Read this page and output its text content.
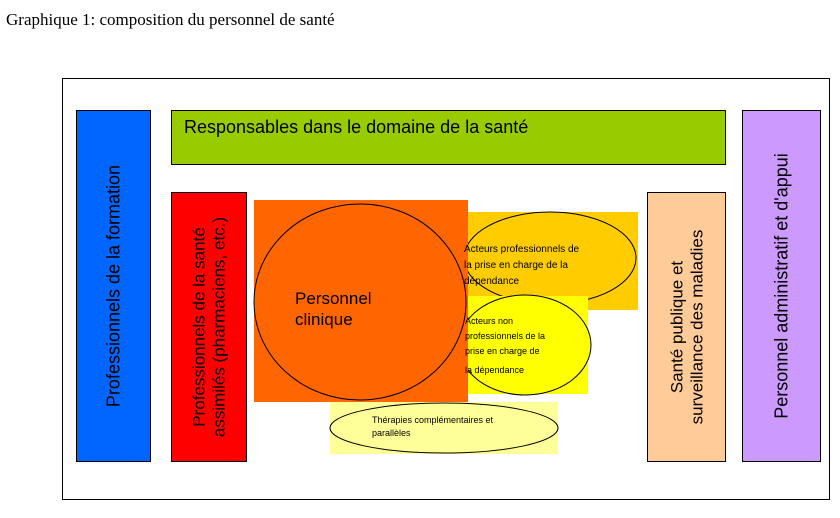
Graphique 1: composition du personnel de santé
Professionnels de la formation
Responsables dans le domaine de la santé
Professionnels de la santé assimilés (pharmaciens, etc.)	Santé publique et surveillance des maladies	Personnel administratif et d'appui
Personnel
clinique
Acteurs professionnels de
la prise en charge de la
dépendance
Acteurs non
professionnels de la
prise en charge de
la dépendance
Thérapies complémentaires et
parallèles
